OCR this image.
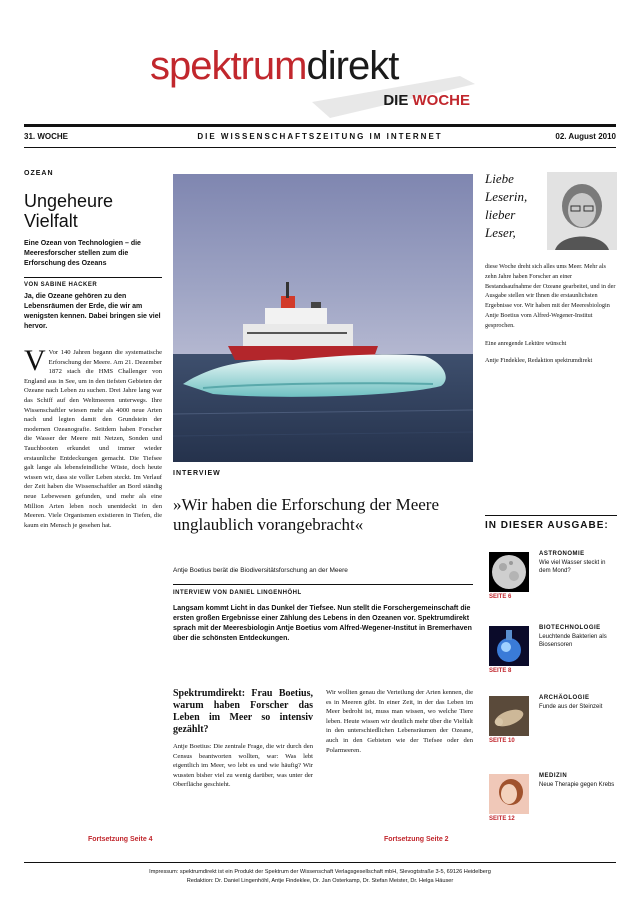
spektrumdirekt
DIE WOCHE
DIE WISSENSCHAFTSZEITUNG IM INTERNET
31. WOCHE	02. August 2010
OZEAN
Ungeheure Vielfalt
Eine Ozean von Technologien – die Meeresforscher stellen zum die Erforschung des Ozeans
VON SABINE HACKER
Ja, die Ozeane gehören zu den Lebensräumen der Erde, die wir am wenigsten kennen. Dabei bringen sie viel hervor.
V Vor 140 Jahren begann die systematische Erforschung der Meere. Am 21. Dezember 1872 stach die HMS Challenger von England aus in See, um in den tiefsten Gebieten der Ozeane nach Leben zu suchen. Drei Jahre lang war das Schiff auf den Weltmeeren unterwegs. Ihre Wissenschaftler wiesen mehr als 4000 neue Arten nach und legten damit den Grundstein der modernen Ozeanografie. Seitdem haben Forscher die Wasser der Meere mit Netzen, Sonden und Tauchbooten erkundet und immer wieder erstaunliche Entdeckungen gemacht. Die Tiefsee galt lange als lebensfeindliche Wüste, doch heute wissen wir, dass sie voller Leben steckt. Im Verlauf der Zeit haben die Wissenschaftler an Bord ständig neue Lebewesen gefunden, und mehr als eine Million Arten leben noch unentdeckt in den Meeren. Viele Organismen existieren in Tiefen, die kaum ein Mensch je gesehen hat.
Fortsetzung Seite 4
INTERVIEW
»Wir haben die Erforschung der Meere unglaublich vorangebracht«
Antje Boetius berät die Biodiversitätsforschung an der Meere
INTERVIEW VON DANIEL LINGENHÖHL
Langsam kommt Licht in das Dunkel der Tiefsee. Nun stellt die Forschergemeinschaft die ersten großen Ergebnisse einer Zählung des Lebens in den Ozeanen vor. Spektrumdirekt sprach mit der Meeresbiologin Antje Boetius vom Alfred-Wegener-Institut in Bremerhaven über die schönsten Entdeckungen.
Spektrumdirekt: Frau Boetius, warum haben Forscher das Leben im Meer so intensiv gezählt?
Antje Boetius: Die zentrale Frage, die wir durch den Census beantworten wollten, war: Was lebt eigentlich im Meer, wo lebt es und wie häufig? Wir wussten bisher viel zu wenig darüber, was unter der Oberfläche geschieht.
Wir wollten genau die Verteilung der Arten kennen, die es in Meeren gibt. In einer Zeit, in der das Leben im Meer bedroht ist, muss man wissen, wo welche Tiere leben. Heute wissen wir deutlich mehr über die Vielfalt in den unterschiedlichen Lebensräumen der Ozeane, auch in den Gebieten wie der Tiefsee oder den Polarmeeren.
Fortsetzung Seite 2
Liebe Leserin, lieber Leser,

diese Woche dreht sich alles ums Meer. Mehr als zehn Jahre haben Forscher an einer Bestandsaufnahme der Ozeane gearbeitet, und in der Ausgabe stellen wir Ihnen die erstaunlichsten Ergebnisse vor. Wir haben mit der Meeresbiologin Antje Boetius vom Alfred-Wegener-Institut gesprochen.

Eine anregende Lektüre wünscht

Antje Findeklee, Redaktion spektrumdirekt

IN DIESER AUSGABE:
ASTRONOMIE
Wie viel Wasser steckt in dem Mond?
SEITE 6
BIOTECHNOLOGIE
Leuchtende Bakterien als Biosensoren
SEITE 8
ARCHÄOLOGIE
Funde aus der Steinzeit
SEITE 10
MEDIZIN
Neue Therapie gegen Krebs
SEITE 12
Impressum: spektrumdirekt ist ein Produkt der Spektrum der Wissenschaft Verlagsgesellschaft mbH, Slevogtstraße 3-5, 69126 Heidelberg
Redaktion: Dr. Daniel Lingenhöhl, Antje Findeklee, Dr. Jan Osterkamp, Dr. Stefan Meister, Dr. Helga Häuser
